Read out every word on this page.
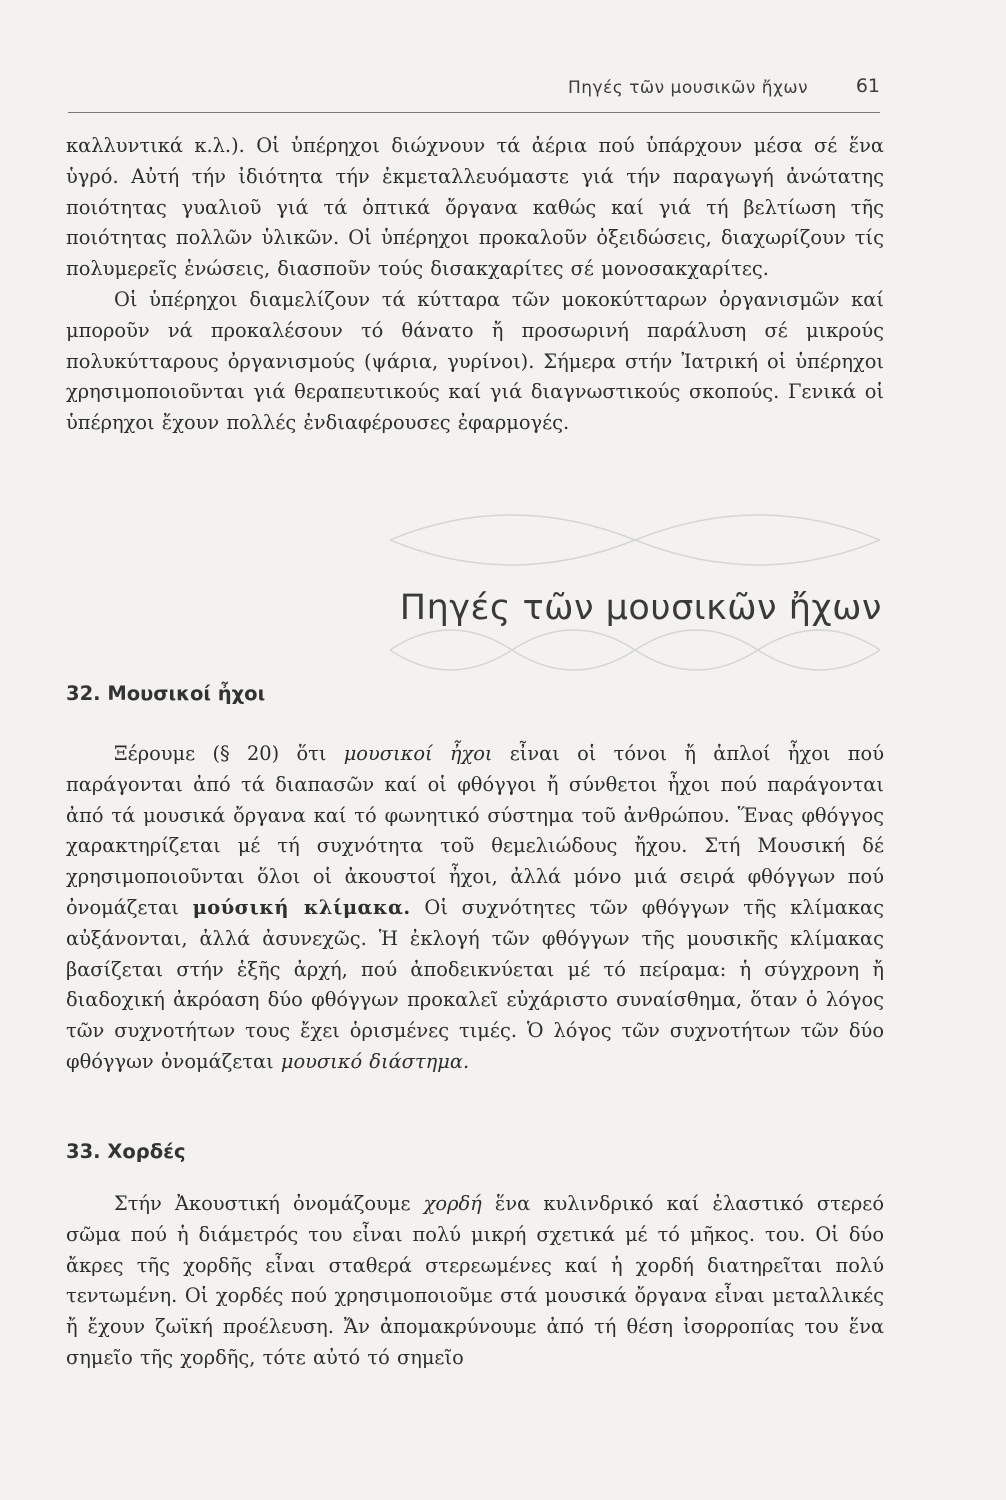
Πηγές τῶν μουσικῶν ἤχων	61

καλλυντικά κ.λ.). Οἱ ὑπέρηχοι διώχνουν τά ἀέρια πού ὑπάρχουν μέσα σέ ἕνα ὑγρό. Αὐτή τήν ἰδιότητα τήν ἐκμεταλλευόμαστε γιά τήν παραγωγή ἀνώτατης ποιότητας γυαλιοῦ γιά τά ὀπτικά ὄργανα καθώς καί γιά τή βελτίωση τῆς ποιότητας πολλῶν ὑλικῶν. Οἱ ὑπέρηχοι προκαλοῦν ὀξειδώσεις, διαχωρίζουν τίς πολυμερεῖς ἑνώσεις, διασποῦν τούς δισακχαρίτες σέ μονοσακχαρίτες.

Οἱ ὑπέρηχοι διαμελίζουν τά κύτταρα τῶν μοκοκύτταρων ὀργανισμῶν καί μποροῦν νά προκαλέσουν τό θάνατο ἤ προσωρινή παράλυση σέ μικρούς πολυκύτταρους ὀργανισμούς (ψάρια, γυρίνοι). Σήμερα στήν Ἰατρική οἱ ὑπέρηχοι χρησιμοποιοῦνται γιά θεραπευτικούς καί γιά διαγνωστικούς σκοπούς. Γενικά οἱ ὑπέρηχοι ἔχουν πολλές ἐνδιαφέρουσες ἐφαρμογές.

Πηγές τῶν μουσικῶν ἤχων
32. Μουσικοί ἦχοι

Ξέρουμε (§ 20) ὅτι μουσικοί ἦχοι εἶναι οἱ τόνοι ἤ ἁπλοί ἦχοι πού παράγονται ἀπό τά διαπασῶν καί οἱ φθόγγοι ἤ σύνθετοι ἦχοι πού παράγονται ἀπό τά μουσικά ὄργανα καί τό φωνητικό σύστημα τοῦ ἀνθρώπου. Ἕνας φθόγγος χαρακτηρίζεται μέ τή συχνότητα τοῦ θεμελιώδους ἤχου. Στή Μουσική δέ χρησιμοποιοῦνται ὅλοι οἱ ἀκουστοί ἦχοι, ἀλλά μόνο μιά σειρά φθόγγων πού ὀνομάζεται μούσική κλίμακα. Οἱ συχνότητες τῶν φθόγγων τῆς κλίμακας αὐξάνονται, ἀλλά ἀσυνεχῶς. Ἡ ἐκλογή τῶν φθόγγων τῆς μουσικῆς κλίμακας βασίζεται στήν ἑξῆς ἀρχή, πού ἀποδεικνύεται μέ τό πείραμα: ἡ σύγχρονη ἤ διαδοχική ἀκρόαση δύο φθόγγων προκαλεῖ εὐχάριστο συναίσθημα, ὅταν ὁ λόγος τῶν συχνοτήτων τους ἔχει ὁρισμένες τιμές. Ὁ λόγος τῶν συχνοτήτων τῶν δύο φθόγγων ὀνομάζεται μουσικό διάστημα.

33. Χορδές

Στήν Ἀκουστική ὀνομάζουμε χορδή ἕνα κυλινδρικό καί ἐλαστικό στερεό σῶμα πού ἡ διάμετρός του εἶναι πολύ μικρή σχετικά μέ τό μῆκος. του. Οἱ δύο ἄκρες τῆς χορδῆς εἶναι σταθερά στερεωμένες καί ἡ χορδή διατηρεῖται πολύ τεντωμένη. Οἱ χορδές πού χρησιμοποιοῦμε στά μουσικά ὄργανα εἶναι μεταλλικές ἤ ἔχουν ζωϊκή προέλευση. Ἄν ἀπομακρύνουμε ἀπό τή θέση ἰσορροπίας του ἕνα σημεῖο τῆς χορδῆς, τότε αὐτό τό σημεῖο
